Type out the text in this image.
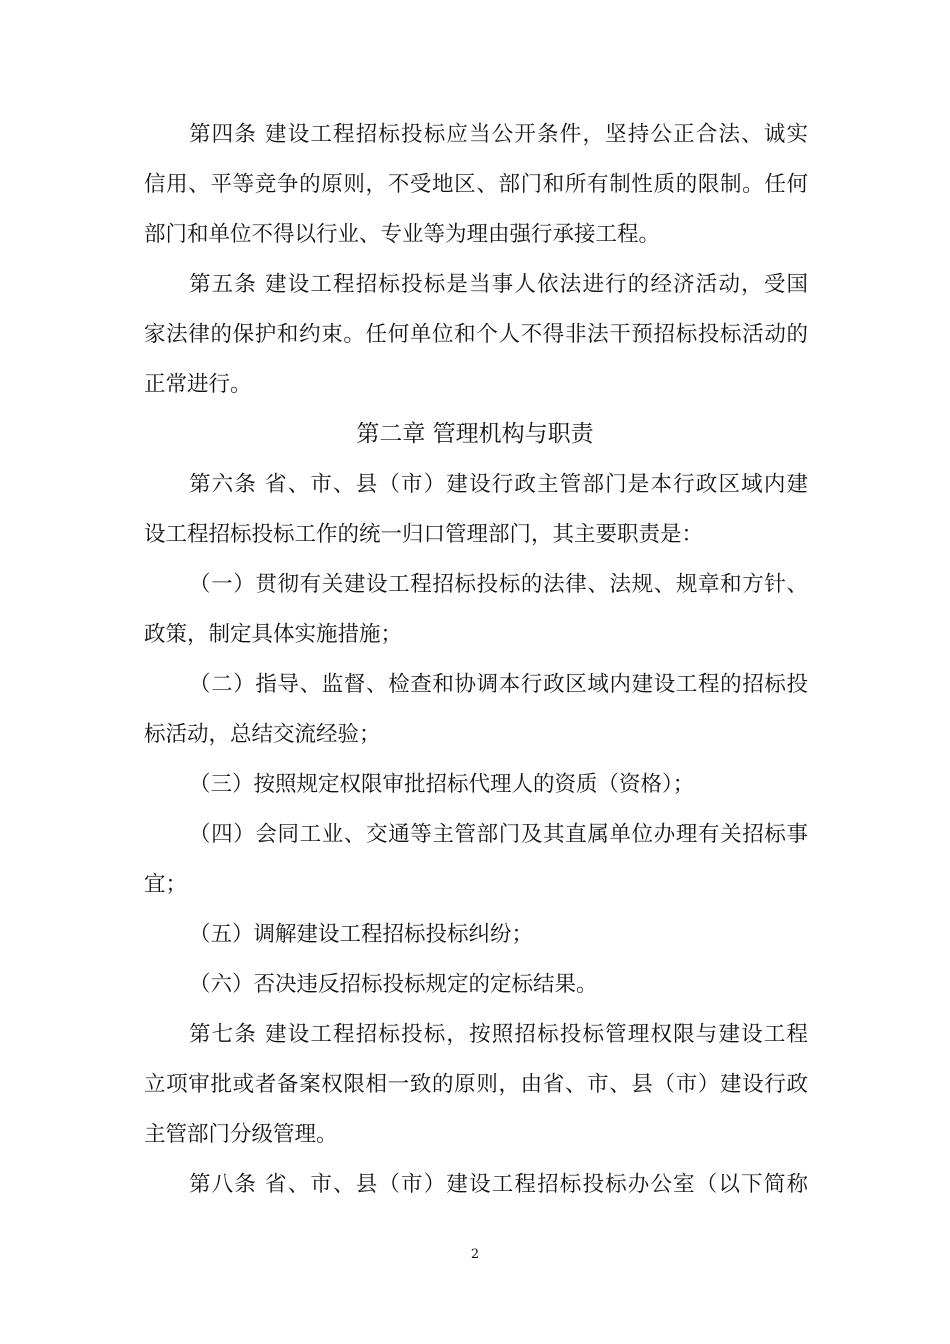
第四条 建设工程招标投标应当公开条件，坚持公正合法、诚实
信用、平等竞争的原则，不受地区、部门和所有制性质的限制。任何
部门和单位不得以行业、专业等为理由强行承接工程。
第五条 建设工程招标投标是当事人依法进行的经济活动，受国
家法律的保护和约束。任何单位和个人不得非法干预招标投标活动的
正常进行。
第二章 管理机构与职责
第六条 省、市、县（市）建设行政主管部门是本行政区域内建
设工程招标投标工作的统一归口管理部门，其主要职责是：
（一）贯彻有关建设工程招标投标的法律、法规、规章和方针、
政策，制定具体实施措施；
（二）指导、监督、检查和协调本行政区域内建设工程的招标投
标活动，总结交流经验；
（三）按照规定权限审批招标代理人的资质（资格）；
（四）会同工业、交通等主管部门及其直属单位办理有关招标事
宜；
（五）调解建设工程招标投标纠纷；
（六）否决违反招标投标规定的定标结果。
第七条 建设工程招标投标，按照招标投标管理权限与建设工程
立项审批或者备案权限相一致的原则，由省、市、县（市）建设行政
主管部门分级管理。
第八条 省、市、县（市）建设工程招标投标办公室（以下简称
2
